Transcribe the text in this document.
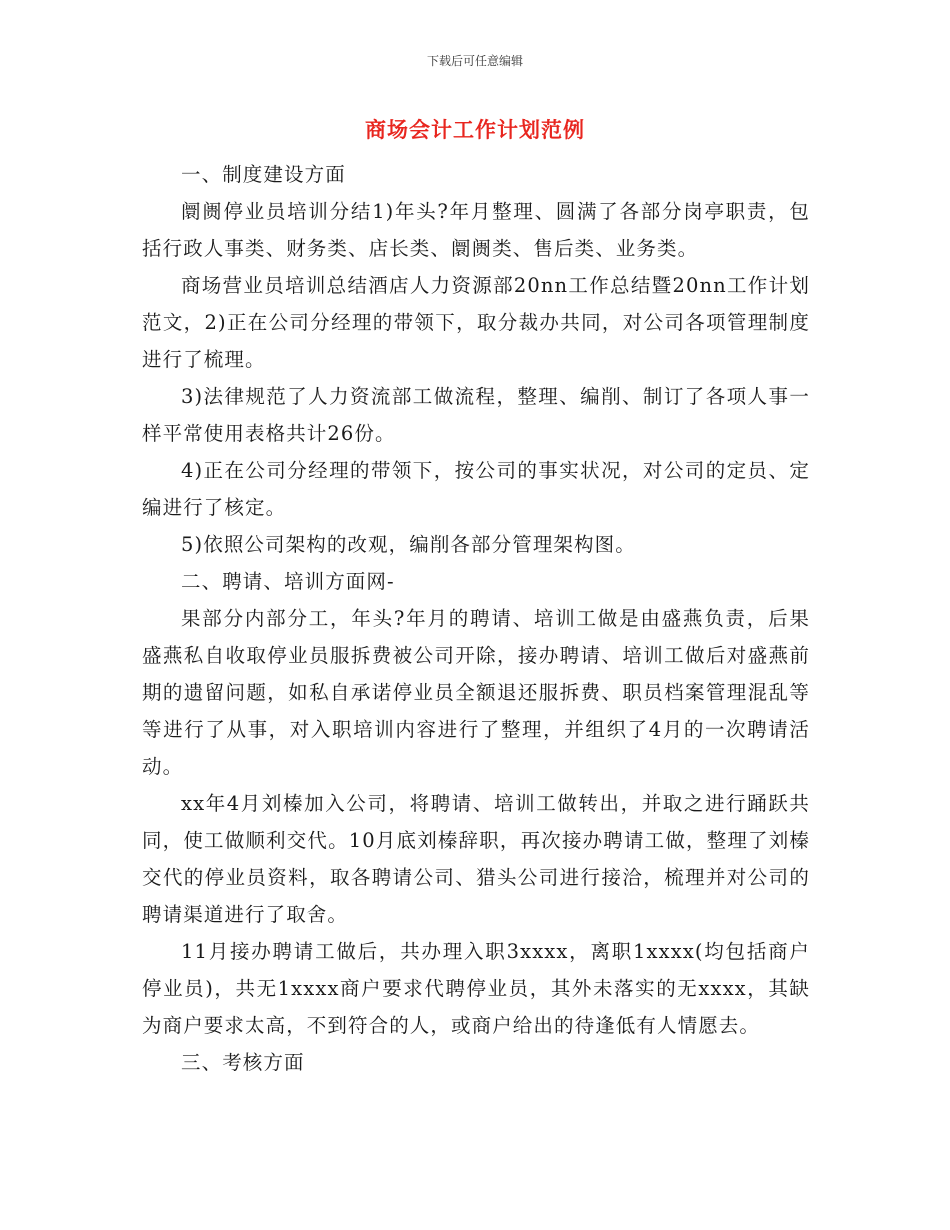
下载后可任意编辑
商场会计工作计划范例

一、制度建设方面

阛阓停业员培训分结1)年头?年月整理、圆满了各部分岗亭职责，包括行政人事类、财务类、店长类、阛阓类、售后类、业务类。

商场营业员培训总结酒店人力资源部20nn工作总结暨20nn工作计划范文，2)正在公司分经理的带领下，取分裁办共同，对公司各项管理制度进行了梳理。

3)法律规范了人力资流部工做流程，整理、编削、制订了各项人事一样平常使用表格共计26份。

4)正在公司分经理的带领下，按公司的事实状况，对公司的定员、定编进行了核定。

5)依照公司架构的改观，编削各部分管理架构图。

二、聘请、培训方面网-

果部分内部分工，年头?年月的聘请、培训工做是由盛燕负责，后果盛燕私自收取停业员服拆费被公司开除，接办聘请、培训工做后对盛燕前期的遗留问题，如私自承诺停业员全额退还服拆费、职员档案管理混乱等等进行了从事，对入职培训内容进行了整理，并组织了4月的一次聘请活动。

xx年4月刘榛加入公司，将聘请、培训工做转出，并取之进行踊跃共同，使工做顺利交代。10月底刘榛辞职，再次接办聘请工做，整理了刘榛交代的停业员资料，取各聘请公司、猎头公司进行接洽，梳理并对公司的聘请渠道进行了取舍。

11月接办聘请工做后，共办理入职3xxxx，离职1xxxx(均包括商户停业员)，共无1xxxx商户要求代聘停业员，其外未落实的无xxxx，其缺为商户要求太高，不到符合的人，或商户给出的待逢低有人情愿去。

三、考核方面
